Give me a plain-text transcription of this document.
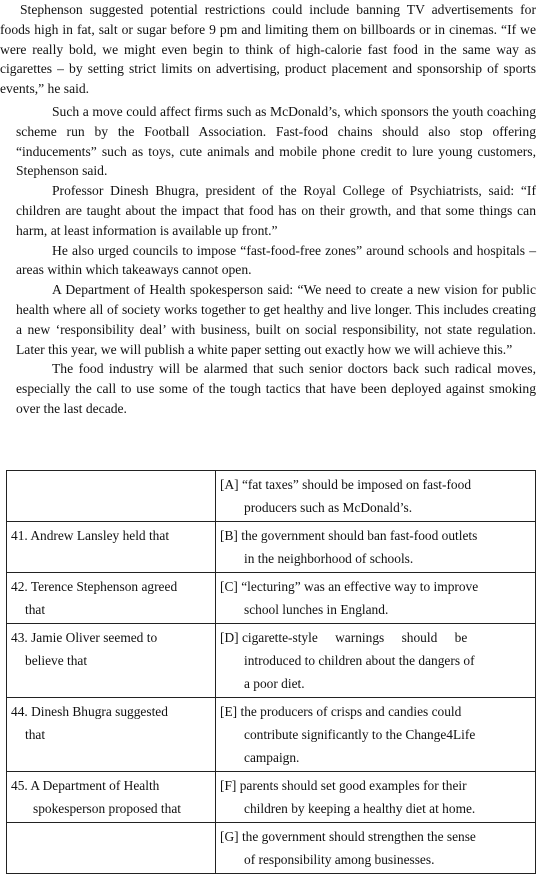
Stephenson suggested potential restrictions could include banning TV advertisements for foods high in fat, salt or sugar before 9 pm and limiting them on billboards or in cinemas. “If we were really bold, we might even begin to think of high-calorie fast food in the same way as cigarettes – by setting strict limits on advertising, product placement and sponsorship of sports events,” he said.

Such a move could affect firms such as McDonald’s, which sponsors the youth coaching scheme run by the Football Association. Fast-food chains should also stop offering “inducements” such as toys, cute animals and mobile phone credit to lure young customers, Stephenson said.

Professor Dinesh Bhugra, president of the Royal College of Psychiatrists, said: “If children are taught about the impact that food has on their growth, and that some things can harm, at least information is available up front.”

He also urged councils to impose “fast-food-free zones” around schools and hospitals – areas within which takeaways cannot open.

A Department of Health spokesperson said: “We need to create a new vision for public health where all of society works together to get healthy and live longer. This includes creating a new ‘responsibility deal’ with business, built on social responsibility, not state regulation. Later this year, we will publish a white paper setting out exactly how we will achieve this.”

The food industry will be alarmed that such senior doctors back such radical moves, especially the call to use some of the tough tactics that have been deployed against smoking over the last decade.

	[A] “fat taxes” should be imposed on fast-food
producers such as McDonald’s.

41. Andrew Lansley held that	[B] the government should ban fast-food outlets
in the neighborhood of schools.

42. Terence Stephenson agreed
that	[C] “lecturing” was an effective way to improve
school lunches in England.

43. Jamie Oliver seemed to
believe that	[D] cigarette-style warnings should be
introduced to children about the dangers of
a poor diet.

44. Dinesh Bhugra suggested
that	[E] the producers of crisps and candies could
contribute significantly to the Change4Life
campaign.

45. A Department of Health
spokesperson proposed that	[F] parents should set good examples for their
children by keeping a healthy diet at home.

	[G] the government should strengthen the sense
of responsibility among businesses.
